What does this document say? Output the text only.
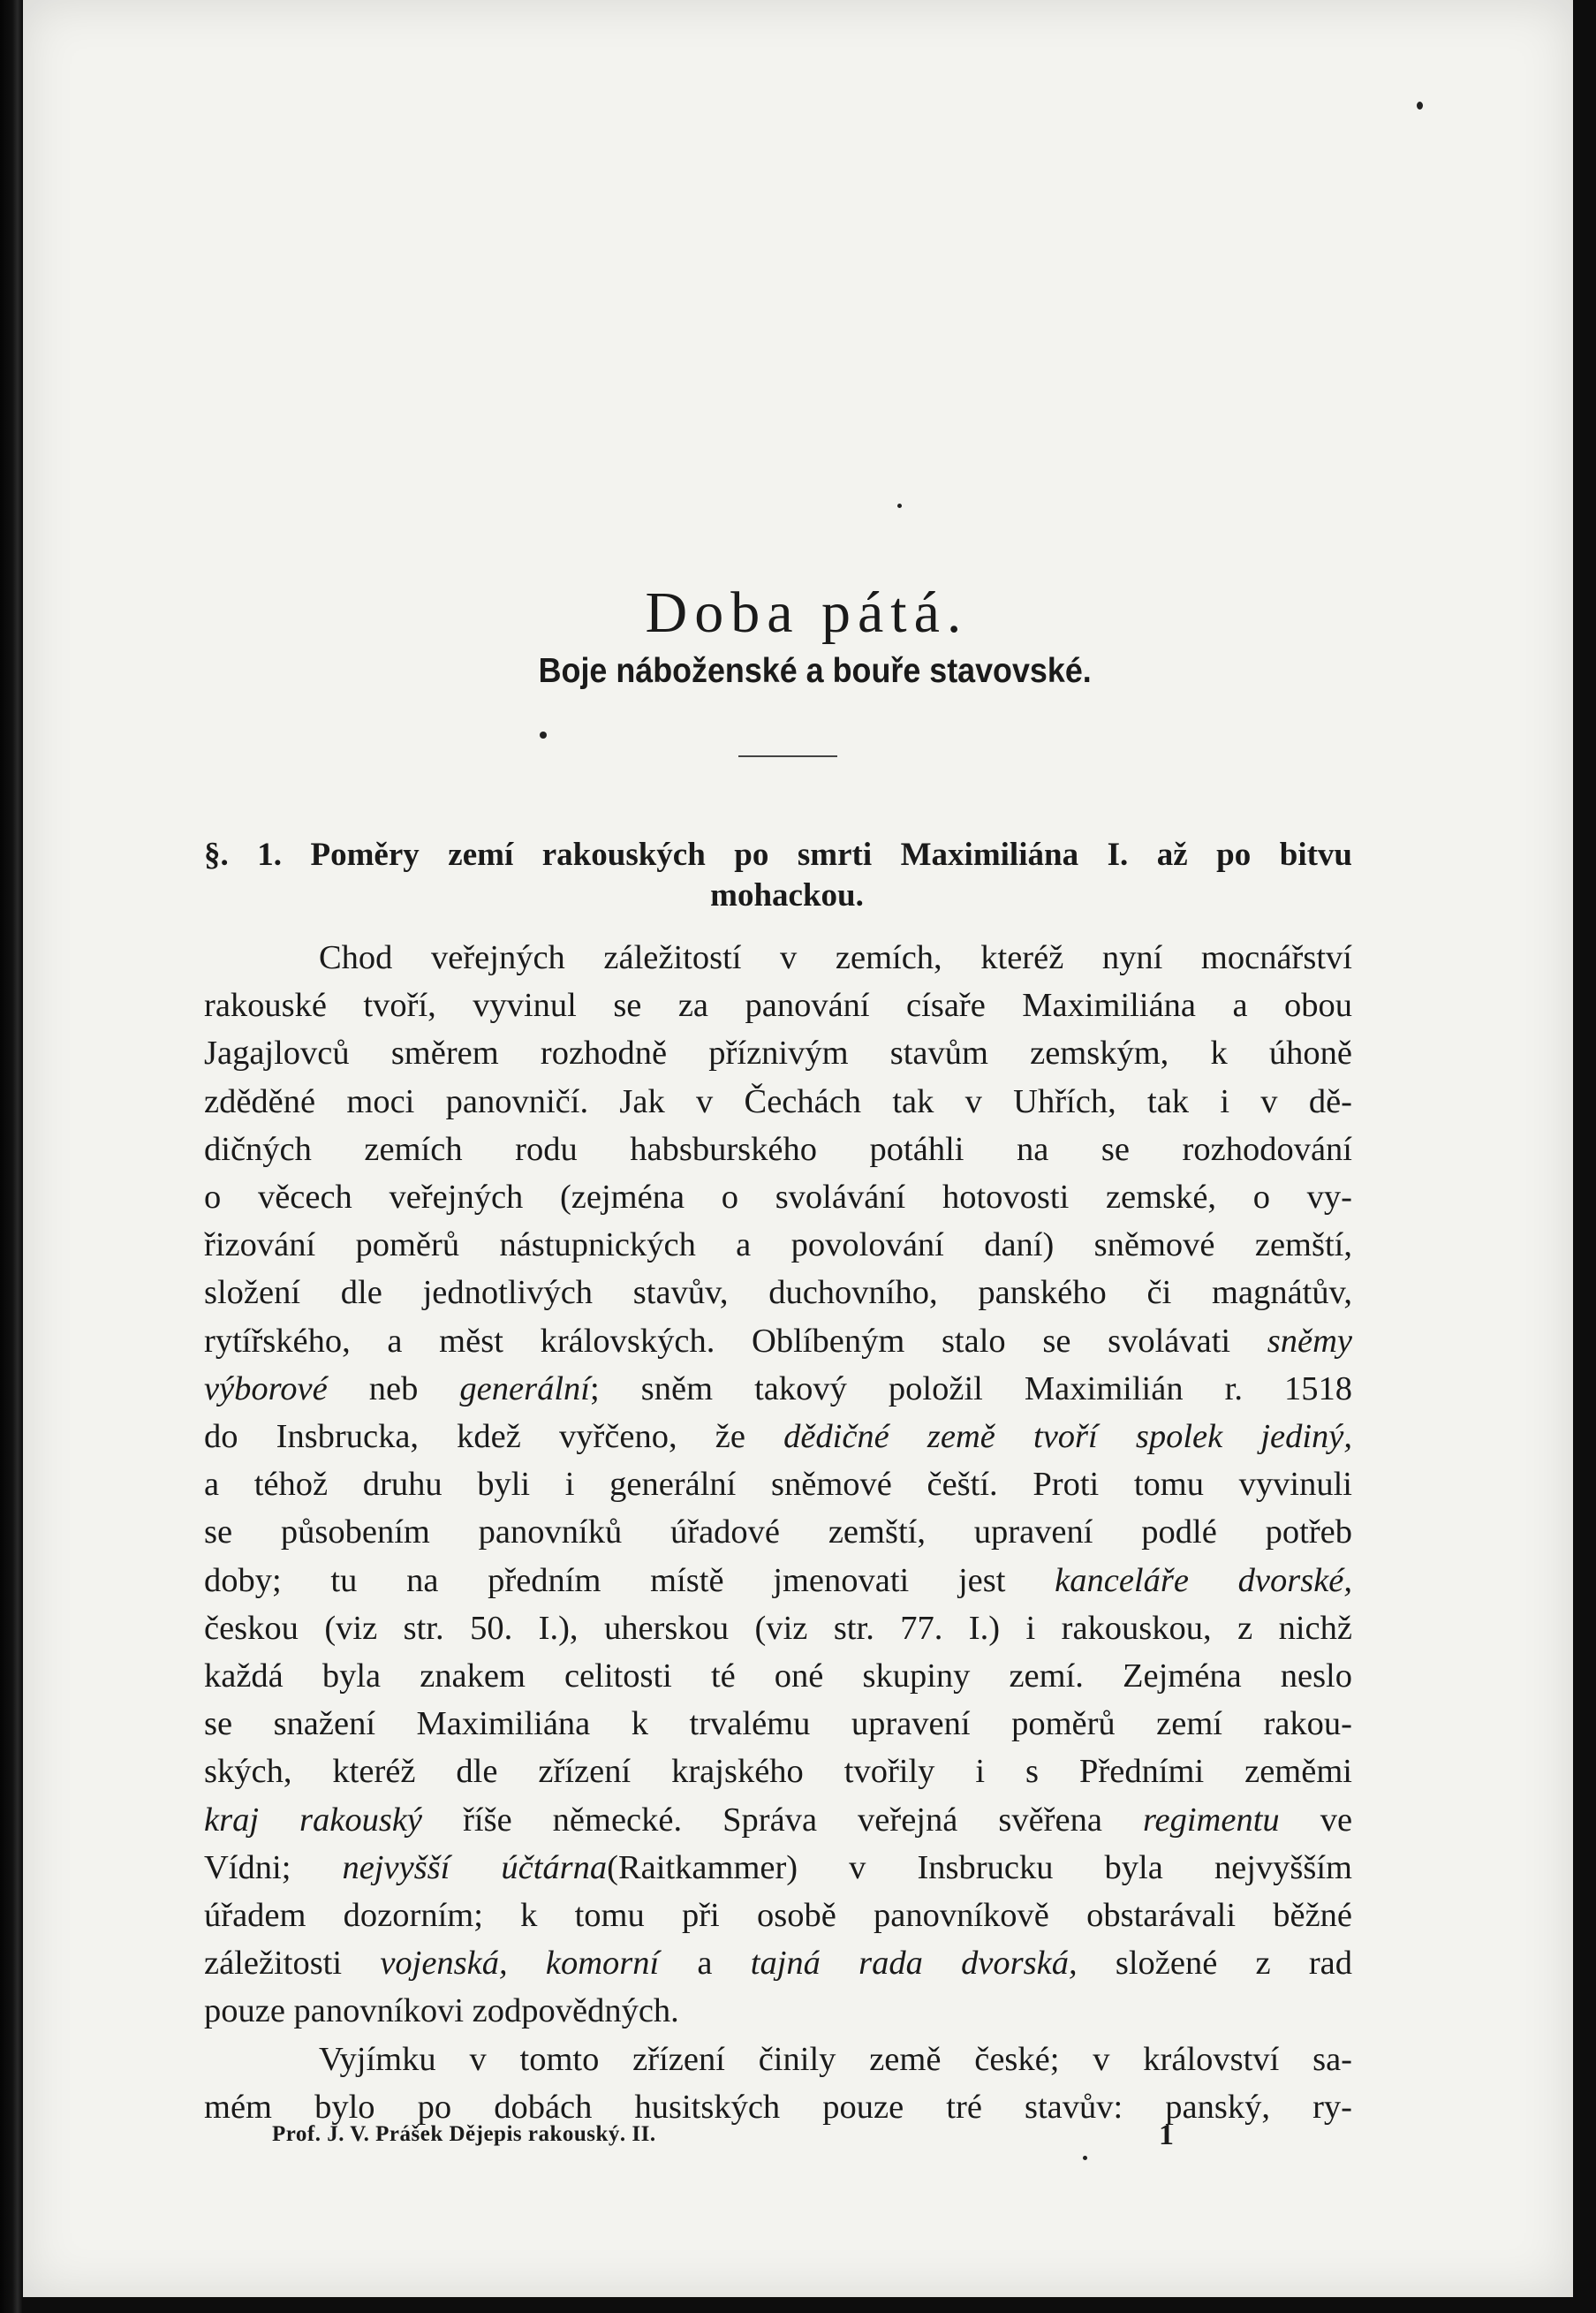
Doba pátá.
Boje náboženské a bouře stavovské.
§. 1. Poměry zemí rakouských po smrti Maximiliána I. až po bitvu
mohackou.
Chod veřejných záležitostí v zemích, kteréž nyní mocnářství
rakouské tvoří, vyvinul se za panování císaře Maximiliána a obou
Jagajlovců směrem rozhodně příznivým stavům zemským, k úhoně
zděděné moci panovničí. Jak v Čechách tak v Uhřích, tak i v dě-
dičných zemích rodu habsburského potáhli na se rozhodování
o věcech veřejných (zejména o svolávání hotovosti zemské, o vy-
řizování poměrů nástupnických a povolování daní) sněmové zemští,
složení dle jednotlivých stavův, duchovního, panského či magnátův,
rytířského, a měst královských. Oblíbeným stalo se svolávati sněmy
výborové neb generální; sněm takový položil Maximilián r. 1518
do Insbrucka, kdež vyřčeno, že dědičné země tvoří spolek jediný,
a téhož druhu byli i generální sněmové čeští. Proti tomu vyvinuli
se působením panovníků úřadové zemští, upravení podlé potřeb
doby; tu na předním místě jmenovati jest kanceláře dvorské,
českou (viz str. 50. I.), uherskou (viz str. 77. I.) i rakouskou, z nichž
každá byla znakem celitosti té oné skupiny zemí. Zejména neslo
se snažení Maximiliána k trvalému upravení poměrů zemí rakou-
ských, kteréž dle zřízení krajského tvořily i s Předními zeměmi
kraj rakouský říše německé. Správa veřejná svěřena regimentu ve
Vídni; nejvyšší účtárna(Raitkammer) v Insbrucku byla nejvyšším
úřadem dozorním; k tomu při osobě panovníkově obstarávali běžné
záležitosti vojenská, komorní a tajná rada dvorská, složené z rad
pouze panovníkovi zodpovědných.
Vyjímku v tomto zřízení činily země české; v království sa-
mém bylo po dobách husitských pouze tré stavův: panský, ry-
Prof. J. V. Prášek Dějepis rakouský. II.	1
